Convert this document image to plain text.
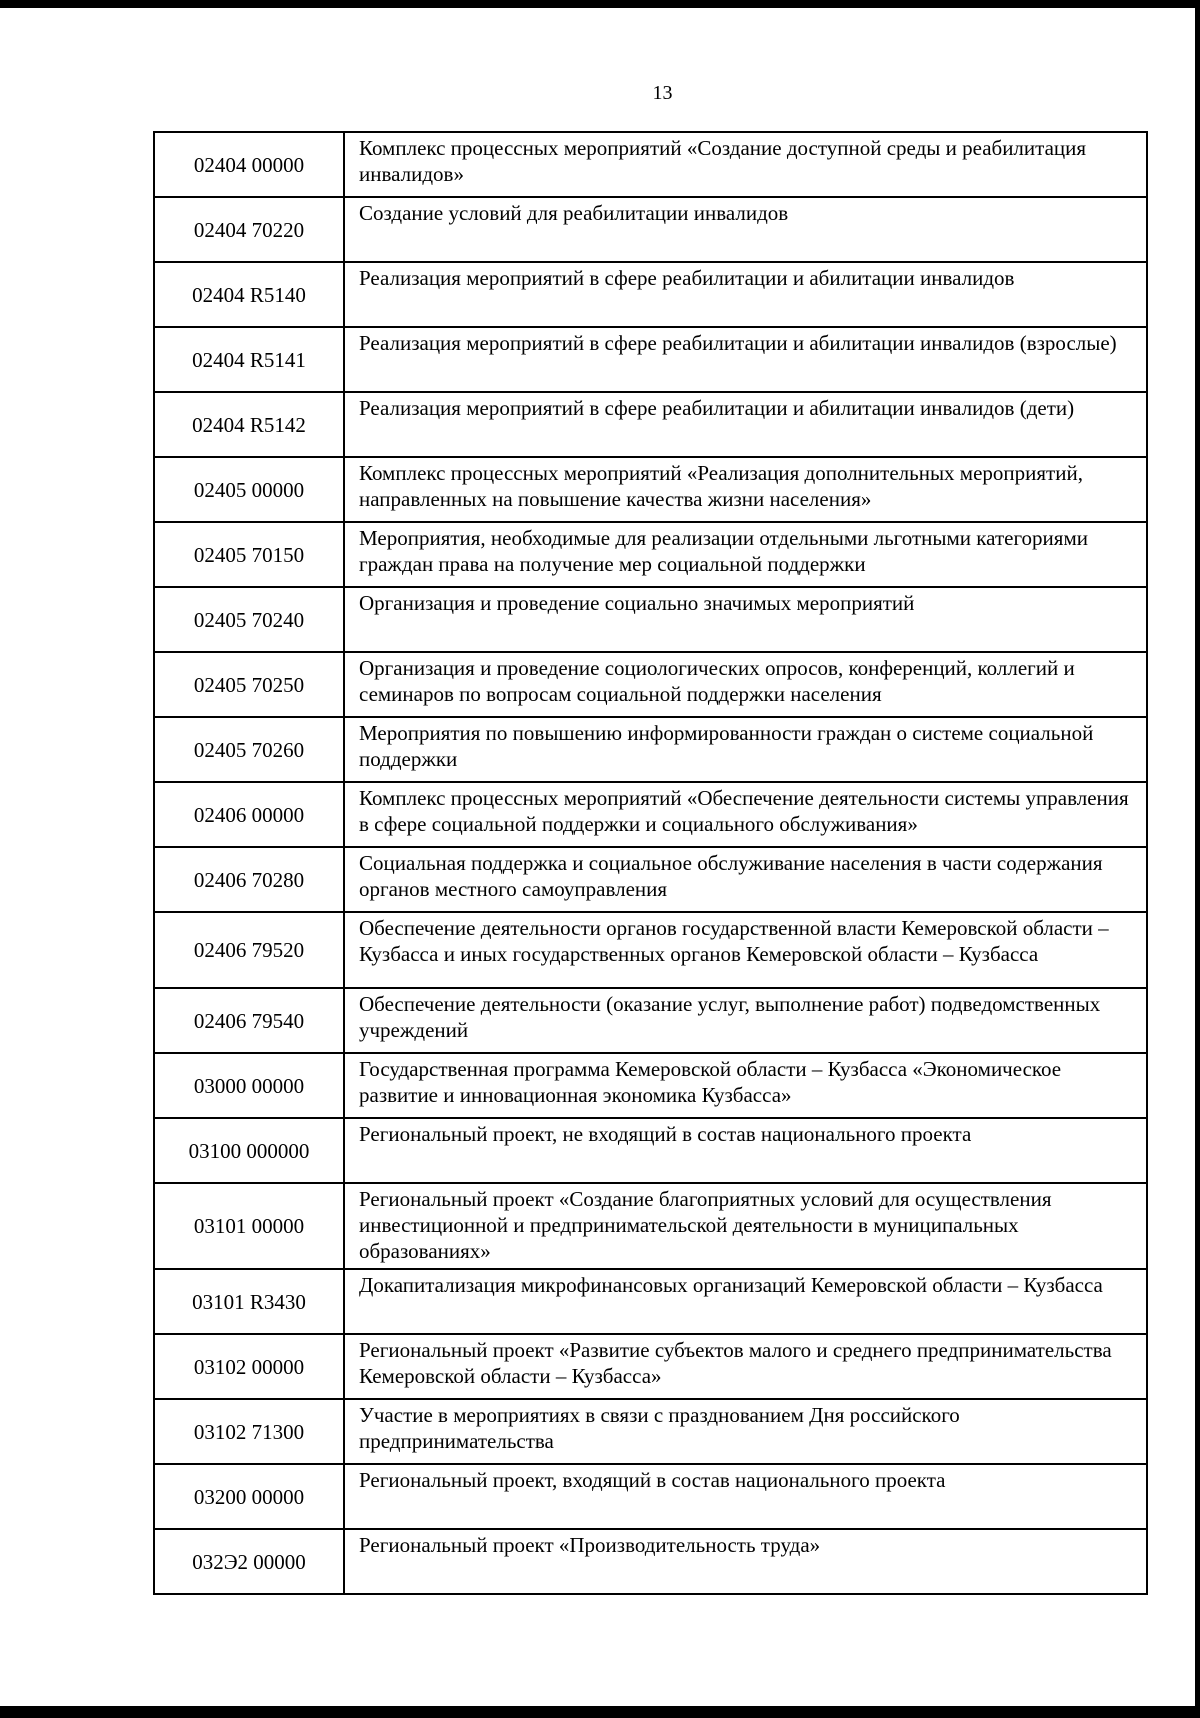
13
02404 00000	Комплекс процессных мероприятий «Создание доступной среды и реабилитация инвалидов»
02404 70220	Создание условий для реабилитации инвалидов
02404 R5140	Реализация мероприятий в сфере реабилитации и абилитации инвалидов
02404 R5141	Реализация мероприятий в сфере реабилитации и абилитации инвалидов (взрослые)
02404 R5142	Реализация мероприятий в сфере реабилитации и абилитации инвалидов (дети)
02405 00000	Комплекс процессных мероприятий «Реализация дополнительных мероприятий, направленных на повышение качества жизни населения»
02405 70150	Мероприятия, необходимые для реализации отдельными льготными категориями граждан права на получение мер социальной поддержки
02405 70240	Организация и проведение социально значимых мероприятий
02405 70250	Организация и проведение социологических опросов, конференций, коллегий и семинаров по вопросам социальной поддержки населения
02405 70260	Мероприятия по повышению информированности граждан о системе социальной поддержки
02406 00000	Комплекс процессных мероприятий «Обеспечение деятельности системы управления в сфере социальной поддержки и социального обслуживания»
02406 70280	Социальная поддержка и социальное обслуживание населения в части содержания органов местного самоуправления
02406 79520	Обеспечение деятельности органов государственной власти Кемеровской области – Кузбасса и иных государственных органов Кемеровской области – Кузбасса
02406 79540	Обеспечение деятельности (оказание услуг, выполнение работ) подведомственных учреждений
03000 00000	Государственная программа Кемеровской области – Кузбасса «Экономическое развитие и инновационная экономика Кузбасса»
03100 000000	Региональный проект, не входящий в состав национального проекта
03101 00000	Региональный проект «Создание благоприятных условий для осуществления инвестиционной и предпринимательской деятельности в муниципальных образованиях»
03101 R3430	Докапитализация микрофинансовых организаций Кемеровской области – Кузбасса
03102 00000	Региональный проект «Развитие субъектов малого и среднего предпринимательства Кемеровской области – Кузбасса»
03102 71300	Участие в мероприятиях в связи с празднованием Дня российского предпринимательства
03200 00000	Региональный проект, входящий в состав национального проекта
032Э2 00000	Региональный проект «Производительность труда»
